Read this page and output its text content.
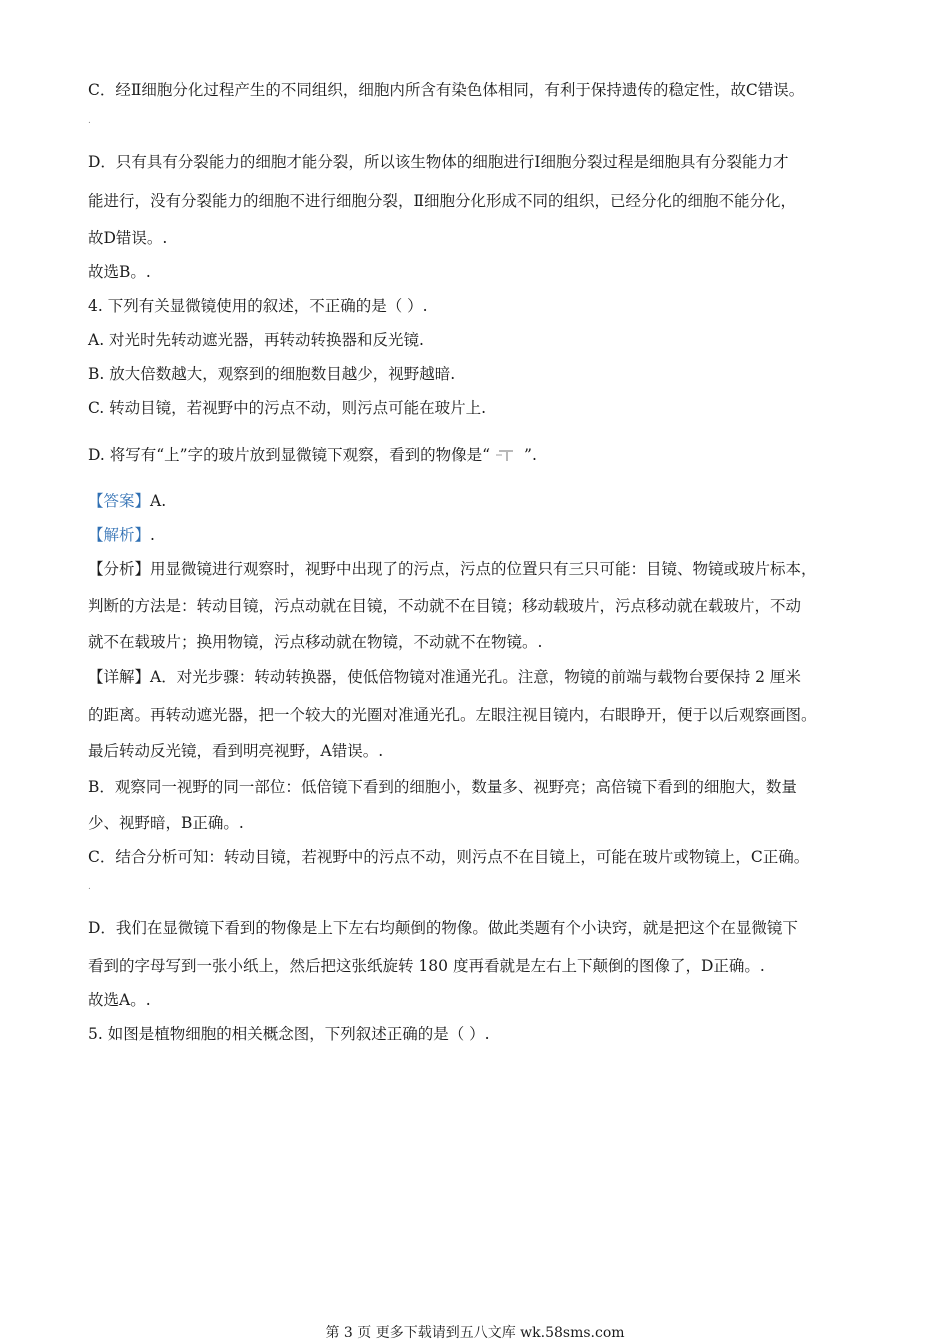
C．经Ⅱ细胞分化过程产生的不同组织，细胞内所含有染色体相同，有利于保持遗传的稳定性，故C错误。

.

D．只有具有分裂能力的细胞才能分裂，所以该生物体的细胞进行Ⅰ细胞分裂过程是细胞具有分裂能力才

能进行，没有分裂能力的细胞不进行细胞分裂，Ⅱ细胞分化形成不同的组织，已经分化的细胞不能分化，

故D错误。.

故选B。.

4. 下列有关显微镜使用的叙述，不正确的是（ ）.

A. 对光时先转动遮光器，再转动转换器和反光镜.

B. 放大倍数越大，观察到的细胞数目越少，视野越暗.

C. 转动目镜，若视野中的污点不动，则污点可能在玻片上.

D. 将写有“上”字的玻片放到显微镜下观察，看到的物像是“ ”.

【答案】A.

【解析】.

【分析】用显微镜进行观察时，视野中出现了的污点，污点的位置只有三只可能：目镜、物镜或玻片标本，

判断的方法是：转动目镜，污点动就在目镜，不动就不在目镜；移动载玻片，污点移动就在载玻片，不动

就不在载玻片；换用物镜，污点移动就在物镜，不动就不在物镜。.

【详解】A．对光步骤：转动转换器，使低倍物镜对准通光孔。注意，物镜的前端与载物台要保持 2 厘米

的距离。再转动遮光器，把一个较大的光圈对准通光孔。左眼注视目镜内，右眼睁开，便于以后观察画图。

最后转动反光镜，看到明亮视野，A错误。.

B．观察同一视野的同一部位：低倍镜下看到的细胞小，数量多、视野亮；高倍镜下看到的细胞大，数量

少、视野暗，B正确。.

C．结合分析可知：转动目镜，若视野中的污点不动，则污点不在目镜上，可能在玻片或物镜上，C正确。

.

D．我们在显微镜下看到的物像是上下左右均颠倒的物像。做此类题有个小诀窍，就是把这个在显微镜下

看到的字母写到一张小纸上，然后把这张纸旋转 180 度再看就是左右上下颠倒的图像了，D正确。.

故选A。.

5. 如图是植物细胞的相关概念图，下列叙述正确的是（ ）.

第 3 页 更多下载请到五八文库 wk.58sms.com
